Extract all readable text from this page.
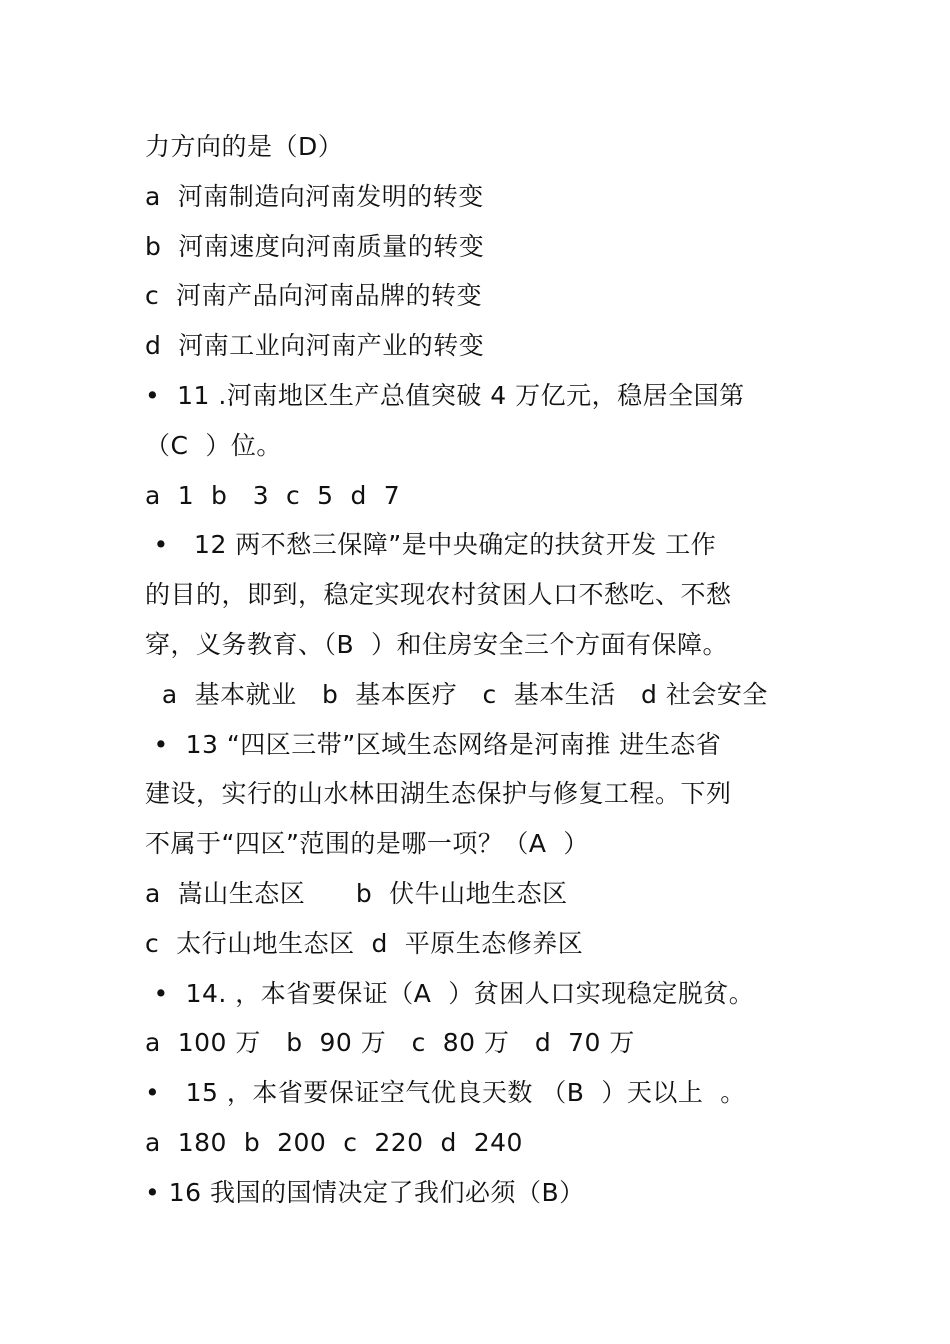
力方向的是（D）
a  河南制造向河南发明的转变
b  河南速度向河南质量的转变
c  河南产品向河南品牌的转变
d  河南工业向河南产业的转变
•  11 .河南地区生产总值突破 4 万亿元，稳居全国第
（C  ）位。
a  1  b   3  c  5  d  7
•   12 两不愁三保障”是中央确定的扶贫开发 工作
的目的，即到，稳定实现农村贫困人口不愁吃、不愁
穿，义务教育、（B  ）和住房安全三个方面有保障。
a  基本就业   b  基本医疗   c  基本生活   d 社会安全
•  13 “四区三带”区域生态网络是河南推 进生态省
建设，实行的山水林田湖生态保护与修复工程。下列
不属于“四区”范围的是哪一项？（A  ）
a  嵩山生态区      b  伏牛山地生态区
c  太行山地生态区  d  平原生态修养区
•  14. ，本省要保证（A  ）贫困人口实现稳定脱贫。
a  100 万   b  90 万   c  80 万   d  70 万
•   15 ，本省要保证空气优良天数 （B  ）天以上  。
a  180  b  200  c  220  d  240
• 16 我国的国情决定了我们必须（B）
